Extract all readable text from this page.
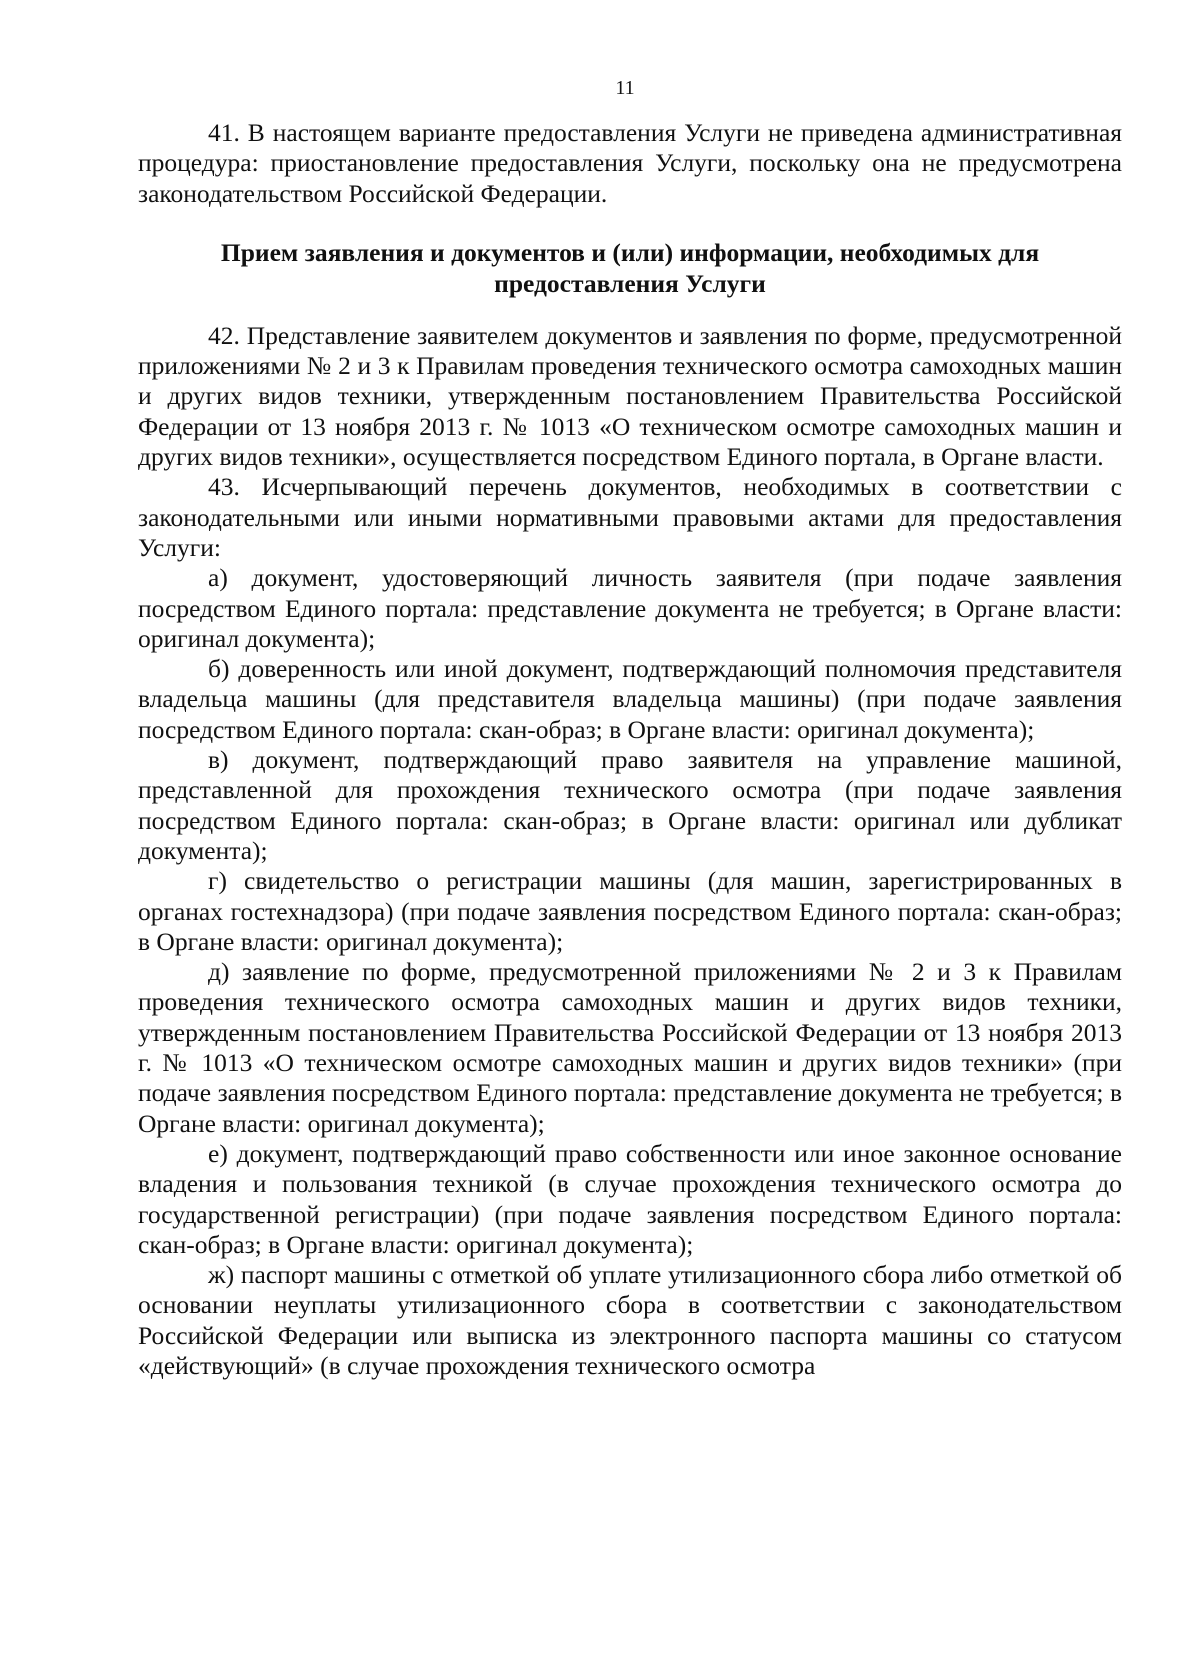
11

41. В настоящем варианте предоставления Услуги не приведена административная процедура: приостановление предоставления Услуги, поскольку она не предусмотрена законодательством Российской Федерации.

Прием заявления и документов и (или) информации, необходимых для
предоставления Услуги

42. Представление заявителем документов и заявления по форме, предусмотренной приложениями № 2 и 3 к Правилам проведения технического осмотра самоходных машин и других видов техники, утвержденным постановлением Правительства Российской Федерации от 13 ноября 2013 г. № 1013 «О техническом осмотре самоходных машин и других видов техники», осуществляется посредством Единого портала, в Органе власти.

43. Исчерпывающий перечень документов, необходимых в соответствии с законодательными или иными нормативными правовыми актами для предоставления Услуги:

а) документ, удостоверяющий личность заявителя (при подаче заявления посредством Единого портала: представление документа не требуется; в Органе власти: оригинал документа);

б) доверенность или иной документ, подтверждающий полномочия представителя владельца машины (для представителя владельца машины) (при подаче заявления посредством Единого портала: скан-образ; в Органе власти: оригинал документа);

в) документ, подтверждающий право заявителя на управление машиной, представленной для прохождения технического осмотра (при подаче заявления посредством Единого портала: скан-образ; в Органе власти: оригинал или дубликат документа);

г) свидетельство о регистрации машины (для машин, зарегистрированных в органах гостехнадзора) (при подаче заявления посредством Единого портала: скан-образ; в Органе власти: оригинал документа);

д) заявление по форме, предусмотренной приложениями № 2 и 3 к Правилам проведения технического осмотра самоходных машин и других видов техники, утвержденным постановлением Правительства Российской Федерации от 13 ноября 2013 г. № 1013 «О техническом осмотре самоходных машин и других видов техники» (при подаче заявления посредством Единого портала: представление документа не требуется; в Органе власти: оригинал документа);

е) документ, подтверждающий право собственности или иное законное основание владения и пользования техникой (в случае прохождения технического осмотра до государственной регистрации) (при подаче заявления посредством Единого портала: скан-образ; в Органе власти: оригинал документа);

ж) паспорт машины с отметкой об уплате утилизационного сбора либо отметкой об основании неуплаты утилизационного сбора в соответствии с законодательством Российской Федерации или выписка из электронного паспорта машины со статусом «действующий» (в случае прохождения технического осмотра
